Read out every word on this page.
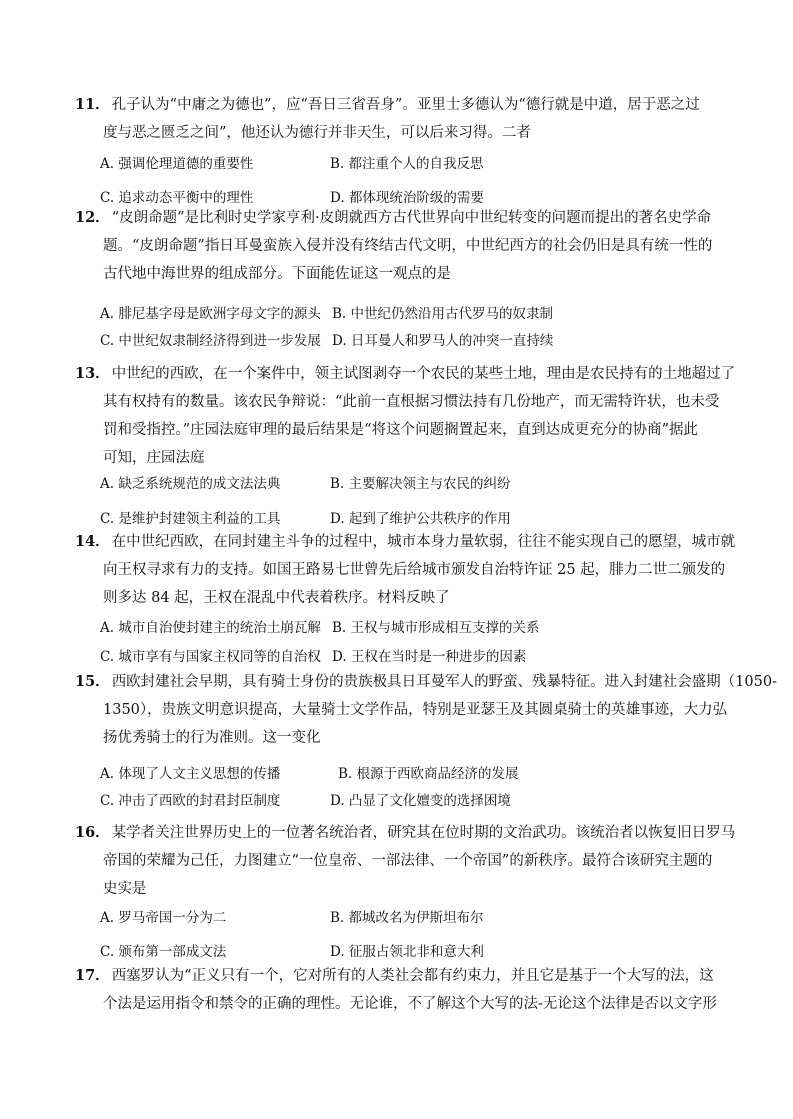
11． 孔子认为“中庸之为德也”，应“吾日三省吾身”。亚里士多德认为“德行就是中道，居于恶之过
度与恶之匮乏之间”，他还认为德行并非天生，可以后来习得。二者
A. 强调伦理道德的重要性	B. 都注重个人的自我反思
C. 追求动态平衡中的理性	D. 都体现统治阶级的需要
12． “皮朗命题”是比利时史学家亨利·皮朗就西方古代世界向中世纪转变的问题而提出的著名史学命
题。“皮朗命题”指日耳曼蛮族入侵并没有终结古代文明，中世纪西方的社会仍旧是具有统一性的
古代地中海世界的组成部分。下面能佐证这一观点的是
A. 腓尼基字母是欧洲字母文字的源头 B. 中世纪仍然沿用古代罗马的奴隶制
C. 中世纪奴隶制经济得到进一步发展 D. 日耳曼人和罗马人的冲突一直持续
13． 中世纪的西欧，在一个案件中，领主试图剥夺一个农民的某些土地，理由是农民持有的土地超过了
其有权持有的数量。该农民争辩说：“此前一直根据习惯法持有几份地产，而无需特许状，也未受
罚和受指控。”庄园法庭审理的最后结果是“将这个问题搁置起来，直到达成更充分的协商”据此
可知，庄园法庭
A. 缺乏系统规范的成文法法典	B. 主要解决领主与农民的纠纷
C. 是维护封建领主利益的工具	D. 起到了维护公共秩序的作用
14． 在中世纪西欧，在同封建主斗争的过程中，城市本身力量软弱，往往不能实现自己的愿望，城市就
向王权寻求有力的支持。如国王路易七世曾先后给城市颁发自治特许证 25 起，腓力二世二颁发的
则多达 84 起，王权在混乱中代表着秩序。材料反映了
A. 城市自治使封建主的统治土崩瓦解 B. 王权与城市形成相互支撑的关系
C. 城市享有与国家主权同等的自治权 D. 王权在当时是一种进步的因素
15． 西欧封建社会早期，具有骑士身份的贵族极具日耳曼军人的野蛮、残暴特征。进入封建社会盛期（1050-
1350），贵族文明意识提高，大量骑士文学作品，特别是亚瑟王及其圆桌骑士的英雄事迹，大力弘
扬优秀骑士的行为准则。这一变化
A. 体现了人文主义思想的传播	B. 根源于西欧商品经济的发展
C. 冲击了西欧的封君封臣制度	D. 凸显了文化嬗变的选择困境
16． 某学者关注世界历史上的一位著名统治者，研究其在位时期的文治武功。该统治者以恢复旧日罗马
帝国的荣耀为己任，力图建立“一位皇帝、一部法律、一个帝国”的新秩序。最符合该研究主题的
史实是
A. 罗马帝国一分为二	B. 都城改名为伊斯坦布尔
C. 颁布第一部成文法	D. 征服占领北非和意大利
17． 西塞罗认为“正义只有一个，它对所有的人类社会都有约束力，并且它是基于一个大写的法，这
个法是运用指令和禁令的正确的理性。无论谁，不了解这个大写的法-无论这个法律是否以文字形
